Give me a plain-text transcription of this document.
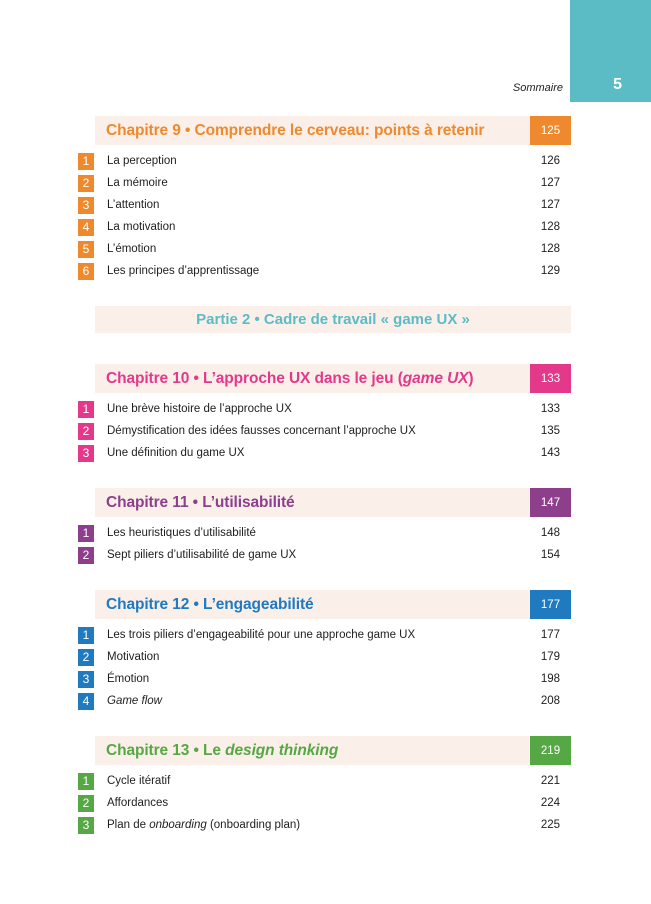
5
Sommaire
Chapitre 9 • Comprendre le cerveau: points à retenir	125
1	La perception	126
2	La mémoire	127
3	L’attention	127
4	La motivation	128
5	L’émotion	128
6	Les principes d’apprentissage	129
Partie 2 • Cadre de travail « game UX »
Chapitre 10 • L’approche UX dans le jeu (game UX)	133
1	Une brève histoire de l’approche UX	133
2	Démystification des idées fausses concernant l’approche UX	135
3	Une définition du game UX	143
Chapitre 11 • L’utilisabilité	147
1	Les heuristiques d’utilisabilité	148
2	Sept piliers d’utilisabilité de game UX	154
Chapitre 12 • L’engageabilité	177
1	Les trois piliers d’engageabilité pour une approche game UX	177
2	Motivation	179
3	Émotion	198
4	Game flow	208
Chapitre 13 • Le design thinking	219
1	Cycle itératif	221
2	Affordances	224
3	Plan de onboarding (onboarding plan)	225
